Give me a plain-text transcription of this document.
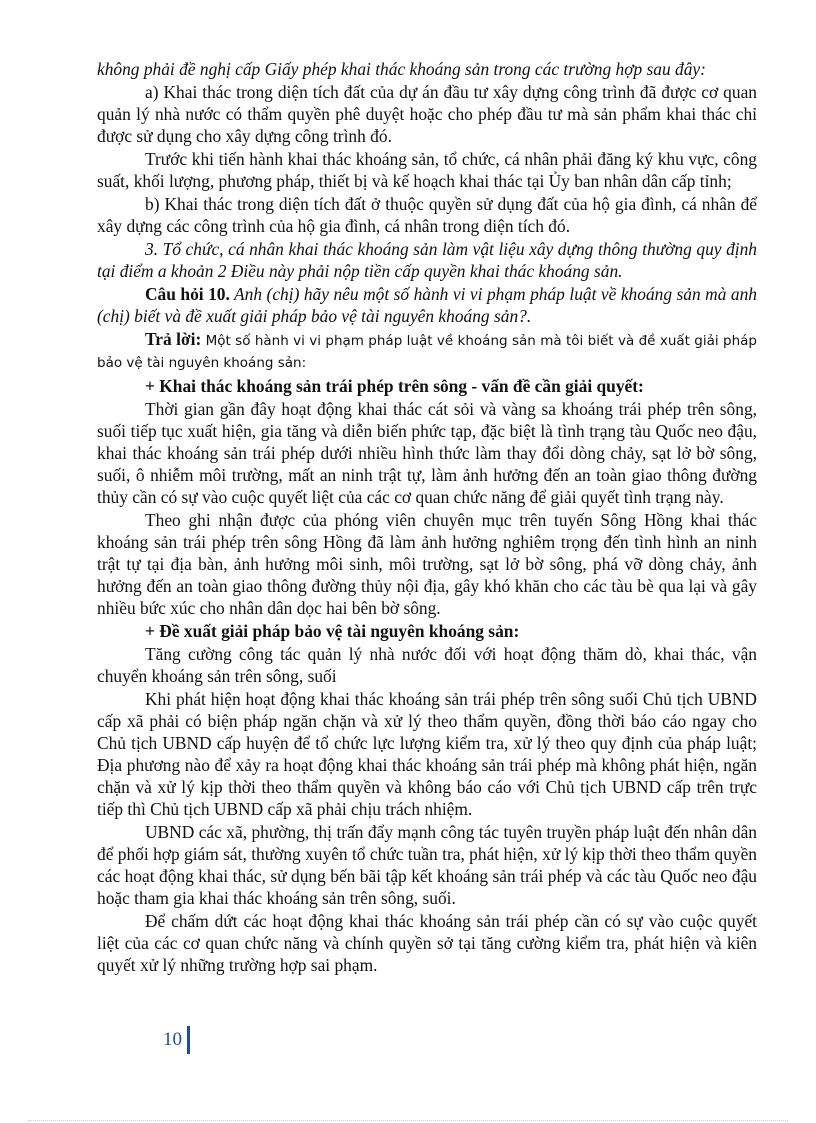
không phải đề nghị cấp Giấy phép khai thác khoáng sản trong các trường hợp sau đây:

a) Khai thác trong diện tích đất của dự án đầu tư xây dựng công trình đã được cơ quan quản lý nhà nước có thẩm quyền phê duyệt hoặc cho phép đầu tư mà sản phẩm khai thác chỉ được sử dụng cho xây dựng công trình đó.

Trước khi tiến hành khai thác khoáng sản, tổ chức, cá nhân phải đăng ký khu vực, công suất, khối lượng, phương pháp, thiết bị và kế hoạch khai thác tại Ủy ban nhân dân cấp tỉnh;

b) Khai thác trong diện tích đất ở thuộc quyền sử dụng đất của hộ gia đình, cá nhân để xây dựng các công trình của hộ gia đình, cá nhân trong diện tích đó.

3. Tổ chức, cá nhân khai thác khoáng sản làm vật liệu xây dựng thông thường quy định tại điểm a khoản 2 Điều này phải nộp tiền cấp quyền khai thác khoáng sản.

Câu hỏi 10. Anh (chị) hãy nêu một số hành vi vi phạm pháp luật về khoáng sản mà anh (chị) biết và đề xuất giải pháp bảo vệ tài nguyên khoáng sản?.

Trả lời: Một số hành vi vi phạm pháp luật về khoáng sản mà tôi biết và đề xuất giải pháp bảo vệ tài nguyên khoáng sản:

+ Khai thác khoáng sản trái phép trên sông - vấn đề cần giải quyết:

Thời gian gần đây hoạt động khai thác cát sỏi và vàng sa khoáng trái phép trên sông, suối tiếp tục xuất hiện, gia tăng và diễn biến phức tạp, đặc biệt là tình trạng tàu Quốc neo đậu, khai thác khoáng sản trái phép dưới nhiều hình thức làm thay đổi dòng chảy, sạt lở bờ sông, suối, ô nhiễm môi trường, mất an ninh trật tự, làm ảnh hưởng đến an toàn giao thông đường thủy cần có sự vào cuộc quyết liệt của các cơ quan chức năng để giải quyết tình trạng này.

Theo ghi nhận được của phóng viên chuyên mục trên tuyến Sông Hồng khai thác khoáng sản trái phép trên sông Hồng đã làm ảnh hưởng nghiêm trọng đến tình hình an ninh trật tự tại địa bàn, ảnh hưởng môi sinh, môi trường, sạt lở bờ sông, phá vỡ dòng chảy, ảnh hưởng đến an toàn giao thông đường thủy nội địa, gây khó khăn cho các tàu bè qua lại và gây nhiều bức xúc cho nhân dân dọc hai bên bờ sông.

+ Đề xuất giải pháp bảo vệ tài nguyên khoáng sản:

Tăng cường công tác quản lý nhà nước đối với hoạt động thăm dò, khai thác, vận chuyển khoáng sản trên sông, suối

Khi phát hiện hoạt động khai thác khoáng sản trái phép trên sông suối Chủ tịch UBND cấp xã phải có biện pháp ngăn chặn và xử lý theo thẩm quyền, đồng thời báo cáo ngay cho Chủ tịch UBND cấp huyện để tổ chức lực lượng kiểm tra, xử lý theo quy định của pháp luật; Địa phương nào để xảy ra hoạt động khai thác khoáng sản trái phép mà không phát hiện, ngăn chặn và xử lý kịp thời theo thẩm quyền và không báo cáo với Chủ tịch UBND cấp trên trực tiếp thì Chủ tịch UBND cấp xã phải chịu trách nhiệm.

UBND các xã, phường, thị trấn đẩy mạnh công tác tuyên truyền pháp luật đến nhân dân để phối hợp giám sát, thường xuyên tổ chức tuần tra, phát hiện, xử lý kịp thời theo thẩm quyền các hoạt động khai thác, sử dụng bến bãi tập kết khoáng sản trái phép và các tàu Quốc neo đậu hoặc tham gia khai thác khoáng sản trên sông, suối.

Để chấm dứt các hoạt động khai thác khoáng sản trái phép cần có sự vào cuộc quyết liệt của các cơ quan chức năng và chính quyền sở tại tăng cường kiểm tra, phát hiện và kiên quyết xử lý những trường hợp sai phạm.

10
